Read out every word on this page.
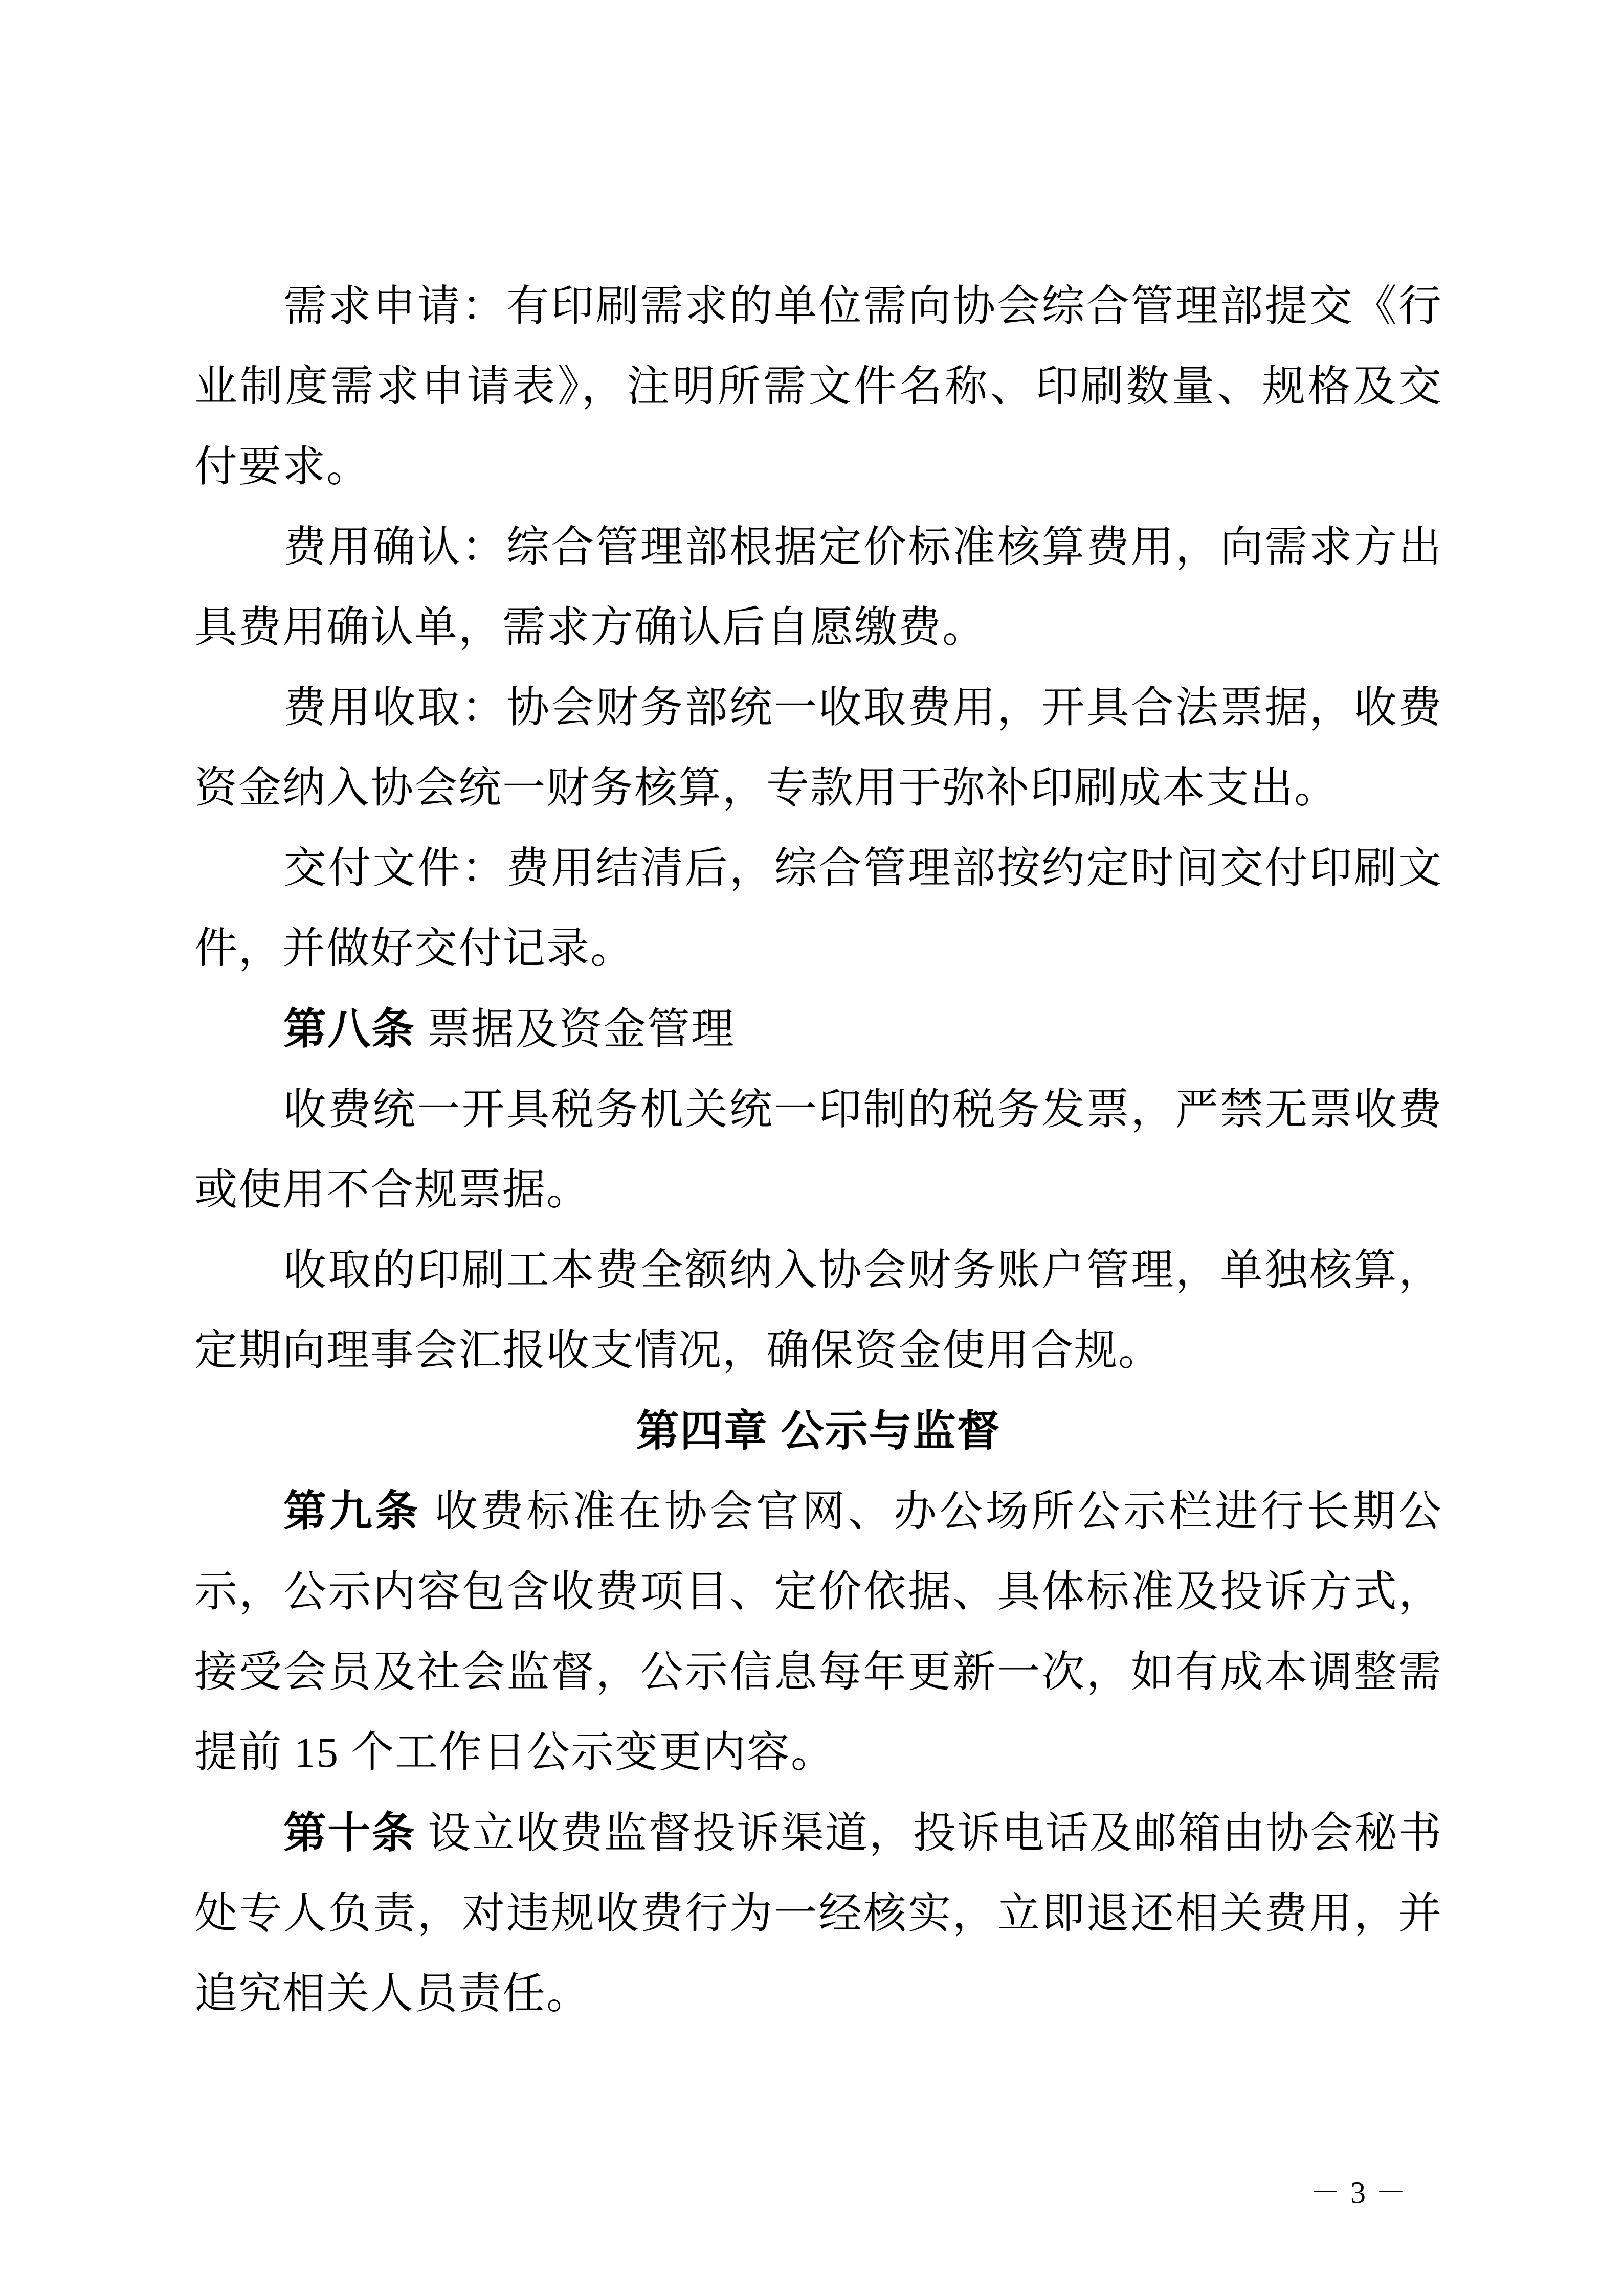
需求申请：有印刷需求的单位需向协会综合管理部提交《行业制度需求申请表》，注明所需文件名称、印刷数量、规格及交付要求。
费用确认：综合管理部根据定价标准核算费用，向需求方出具费用确认单，需求方确认后自愿缴费。
费用收取：协会财务部统一收取费用，开具合法票据，收费资金纳入协会统一财务核算，专款用于弥补印刷成本支出。
交付文件：费用结清后，综合管理部按约定时间交付印刷文件，并做好交付记录。
第八条 票据及资金管理
收费统一开具税务机关统一印制的税务发票，严禁无票收费或使用不合规票据。
收取的印刷工本费全额纳入协会财务账户管理，单独核算，定期向理事会汇报收支情况，确保资金使用合规。
第四章 公示与监督
第九条 收费标准在协会官网、办公场所公示栏进行长期公示，公示内容包含收费项目、定价依据、具体标准及投诉方式，接受会员及社会监督，公示信息每年更新一次，如有成本调整需提前 15 个工作日公示变更内容。
第十条 设立收费监督投诉渠道，投诉电话及邮箱由协会秘书处专人负责，对违规收费行为一经核实，立即退还相关费用，并追究相关人员责任。
－ 3 －
